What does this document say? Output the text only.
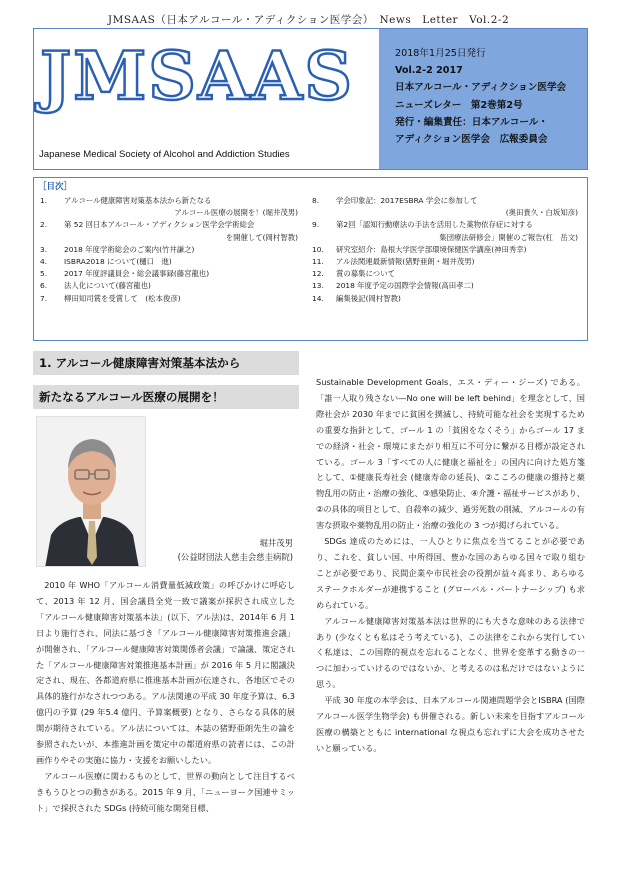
JMSAAS（日本アルコール・アディクション医学会）　News　Letter　Vol.2-2
JMSAAS
Japanese Medical Society of Alcohol and Addiction Studies
2018年1月25日発行
Vol.2-2 2017
日本アルコール・アディクション医学会
ニューズレター　第2巻第2号
発行・編集責任：日本アルコール・
アディクション医学会　広報委員会
［目次］
1.	アルコール健康障害対策基本法から新たなる
アルコール医療の展開を！(堀井茂男)
2.	第 52 回日本アルコール・アディクション医学会学術総会
を開催して(岡村智教)
3.	2018 年度学術総会のご案内(竹井謙之)
4.	ISBRA2018 について(樋口　進)
5.	2017 年度評議員会・総会議事録(藤宮龍也)
6.	法人化について(藤宮龍也)
7.	柳田知司賞を受賞して　(松本俊彦)
8.	学会印象記：2017ESBRA 学会に参加して
(奥田貴久・白坂知彦)
9.	第2回「認知行動療法の手法を活用した薬物依存症に対する
集団療法研修会」開催のご報告(杠　岳文)
10.	研究室紹介：島根大学医学部環境保健医学講座(神田秀幸)
11.	アル法関連最新情報(猪野亜朗・堀井茂男)
12.	賞の募集について
13.	2018 年度予定の国際学会情報(高田孝二)
14.	編集後記(岡村智教)
1. アルコール健康障害対策基本法から
新たなるアルコール医療の展開を！
堀井茂男
(公益財団法人慈圭会慈圭病院)

2010 年 WHO「アルコール消費量低減政策」の呼びかけに呼応して、2013 年 12 月、国会議員全党一致で議案が採択され成立した「アルコール健康障害対策基本法」(以下、アル法)は、2014年 6 月 1 日より施行され、同法に基づき「アルコール健康障害対策推進会議」が開催され、「アルコール健康障害対策関係者会議」で論議、策定された「アルコール健康障害対策推進基本計画」が 2016 年 5 月に閣議決定され、現在、各都道府県に推進基本計画が伝達され、各地区でその具体的施行がなされつつある。アル法関連の平成 30 年度予算は、6.3 億円の予算 (29 年5.4 億円、予算案概要) となり、さらなる具体的展開が期待されている。アル法については、本誌の猪野亜朗先生の論を参照されたいが、本推進計画を策定中の都道府県の読者には、この計画作りやその実施に協力・支援をお願いしたい。

アルコール医療に関わるものとして、世界の動向として注目するべきもうひとつの動きがある。2015 年 9 月、「ニューヨーク国連サミット」で採択された SDGs (持続可能な開発目標、

Sustainable Development Goals、エス・ディー・ジーズ) である。「誰一人取り残さない—No one will be left behind」を理念として、国際社会が 2030 年までに貧困を撲滅し、持続可能な社会を実現するための重要な指針として、ゴール 1 の「貧困をなくそう」からゴール 17 までの経済・社会・環境にまたがり相互に不可分に繋がる目標が設定されている。ゴール 3「すべての人に健康と福祉を」の国内に向けた処方箋として、①健康長寿社会 (健康寿命の延長)、②こころの健康の維持と薬物乱用の防止・治療の強化、③感染防止、④介護・福祉サービスがあり、②の具体的項目として、自殺率の減少、過労死数の削減、アルコールの有害な摂取や薬物乱用の防止・治療の強化の 3 つが掲げられている。

SDGs 達成のためには、一人ひとりに焦点を当てることが必要であり、これを、貧しい国、中所得国、豊かな国のあらゆる国々で取り組むことが必要であり、民間企業や市民社会の役割が益々高まり、あらゆるステークホルダーが連携すること (グローバル・パートナーシップ) も求められている。

アルコール健康障害対策基本法は世界的にも大きな意味のある法律であり (少なくとも私はそう考えている)、この法律をこれから実行していく私達は、この国際的視点を忘れることなく、世界を変革する動きの一つに加わっていけるのではないか、と考えるのは私だけではないように思う。

平成 30 年度の本学会は、日本アルコール関連問題学会とISBRA (国際アルコール医学生物学会) も併催される。新しい未来を目指すアルコール医療の構築とともに international な視点も忘れずに大会を成功させたいと願っている。
